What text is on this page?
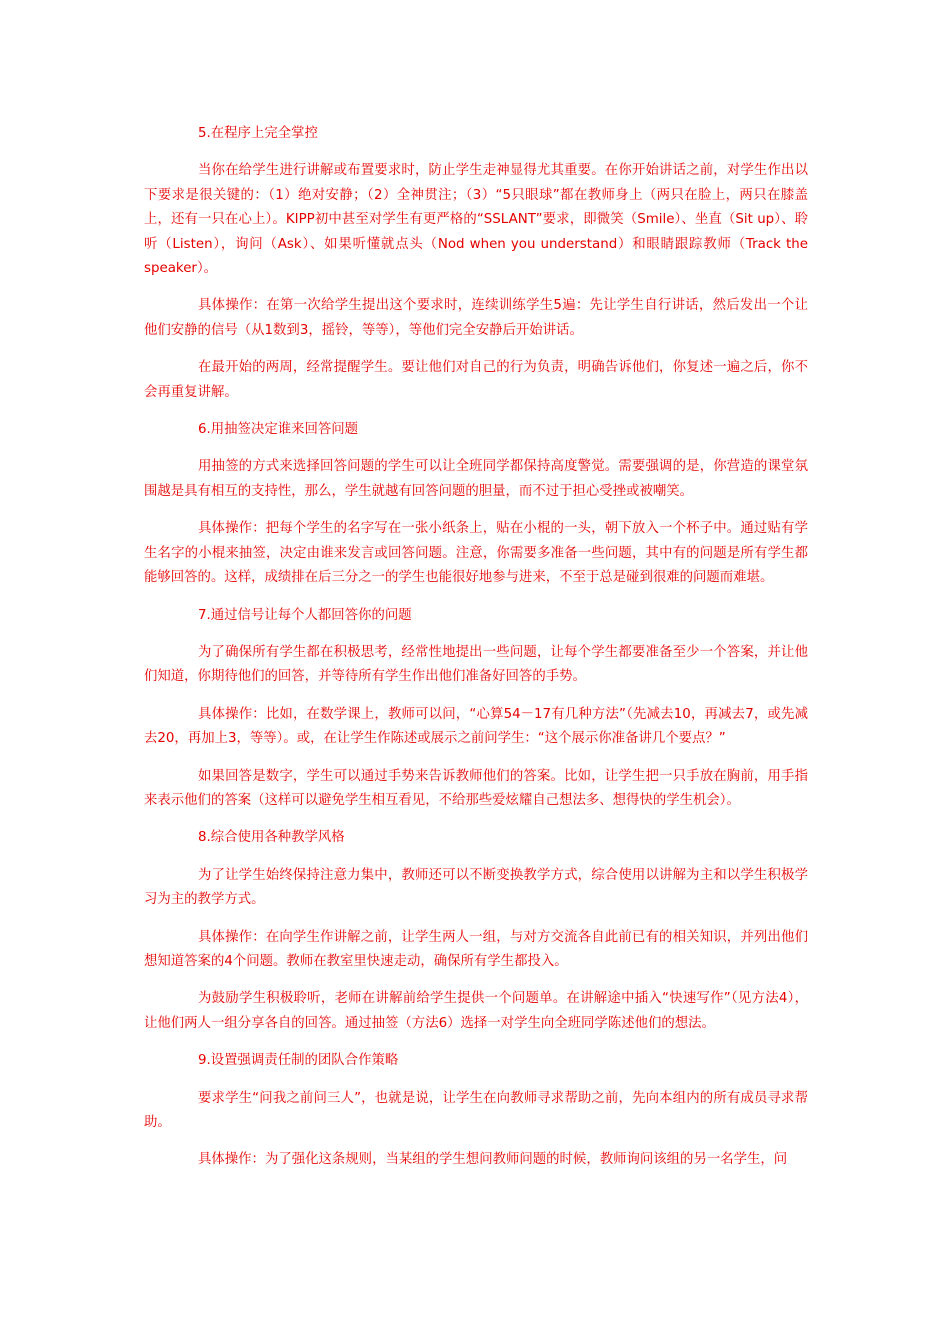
5.在程序上完全掌控

当你在给学生进行讲解或布置要求时，防止学生走神显得尤其重要。在你开始讲话之前，对学生作出以下要求是很关键的：（1）绝对安静；（2）全神贯注；（3）“5只眼球”都在教师身上（两只在脸上，两只在膝盖上，还有一只在心上）。KIPP初中甚至对学生有更严格的“SSLANT”要求，即微笑（Smile）、坐直（Sit up）、聆听（Listen），询问（Ask）、如果听懂就点头（Nod when you understand）和眼睛跟踪教师（Track the speaker）。

具体操作：在第一次给学生提出这个要求时，连续训练学生5遍：先让学生自行讲话，然后发出一个让他们安静的信号（从1数到3，摇铃，等等），等他们完全安静后开始讲话。

在最开始的两周，经常提醒学生。要让他们对自己的行为负责，明确告诉他们，你复述一遍之后，你不会再重复讲解。

6.用抽签决定谁来回答问题

用抽签的方式来选择回答问题的学生可以让全班同学都保持高度警觉。需要强调的是，你营造的课堂氛围越是具有相互的支持性，那么，学生就越有回答问题的胆量，而不过于担心受挫或被嘲笑。

具体操作：把每个学生的名字写在一张小纸条上，贴在小棍的一头，朝下放入一个杯子中。通过贴有学生名字的小棍来抽签，决定由谁来发言或回答问题。注意，你需要多准备一些问题，其中有的问题是所有学生都能够回答的。这样，成绩排在后三分之一的学生也能很好地参与进来，不至于总是碰到很难的问题而难堪。

7.通过信号让每个人都回答你的问题

为了确保所有学生都在积极思考，经常性地提出一些问题，让每个学生都要准备至少一个答案，并让他们知道，你期待他们的回答，并等待所有学生作出他们准备好回答的手势。

具体操作：比如，在数学课上，教师可以问，“心算54－17有几种方法”（先减去10，再减去7，或先减去20，再加上3，等等）。或，在让学生作陈述或展示之前问学生：“这个展示你准备讲几个要点？”

如果回答是数字，学生可以通过手势来告诉教师他们的答案。比如，让学生把一只手放在胸前，用手指来表示他们的答案（这样可以避免学生相互看见，不给那些爱炫耀自己想法多、想得快的学生机会）。

8.综合使用各种教学风格

为了让学生始终保持注意力集中，教师还可以不断变换教学方式，综合使用以讲解为主和以学生积极学习为主的教学方式。

具体操作：在向学生作讲解之前，让学生两人一组，与对方交流各自此前已有的相关知识，并列出他们想知道答案的4个问题。教师在教室里快速走动，确保所有学生都投入。

为鼓励学生积极聆听，老师在讲解前给学生提供一个问题单。在讲解途中插入“快速写作”（见方法4），让他们两人一组分享各自的回答。通过抽签（方法6）选择一对学生向全班同学陈述他们的想法。

9.设置强调责任制的团队合作策略

要求学生“问我之前问三人”，也就是说，让学生在向教师寻求帮助之前，先向本组内的所有成员寻求帮助。

具体操作：为了强化这条规则，当某组的学生想问教师问题的时候，教师询问该组的另一名学生，问
